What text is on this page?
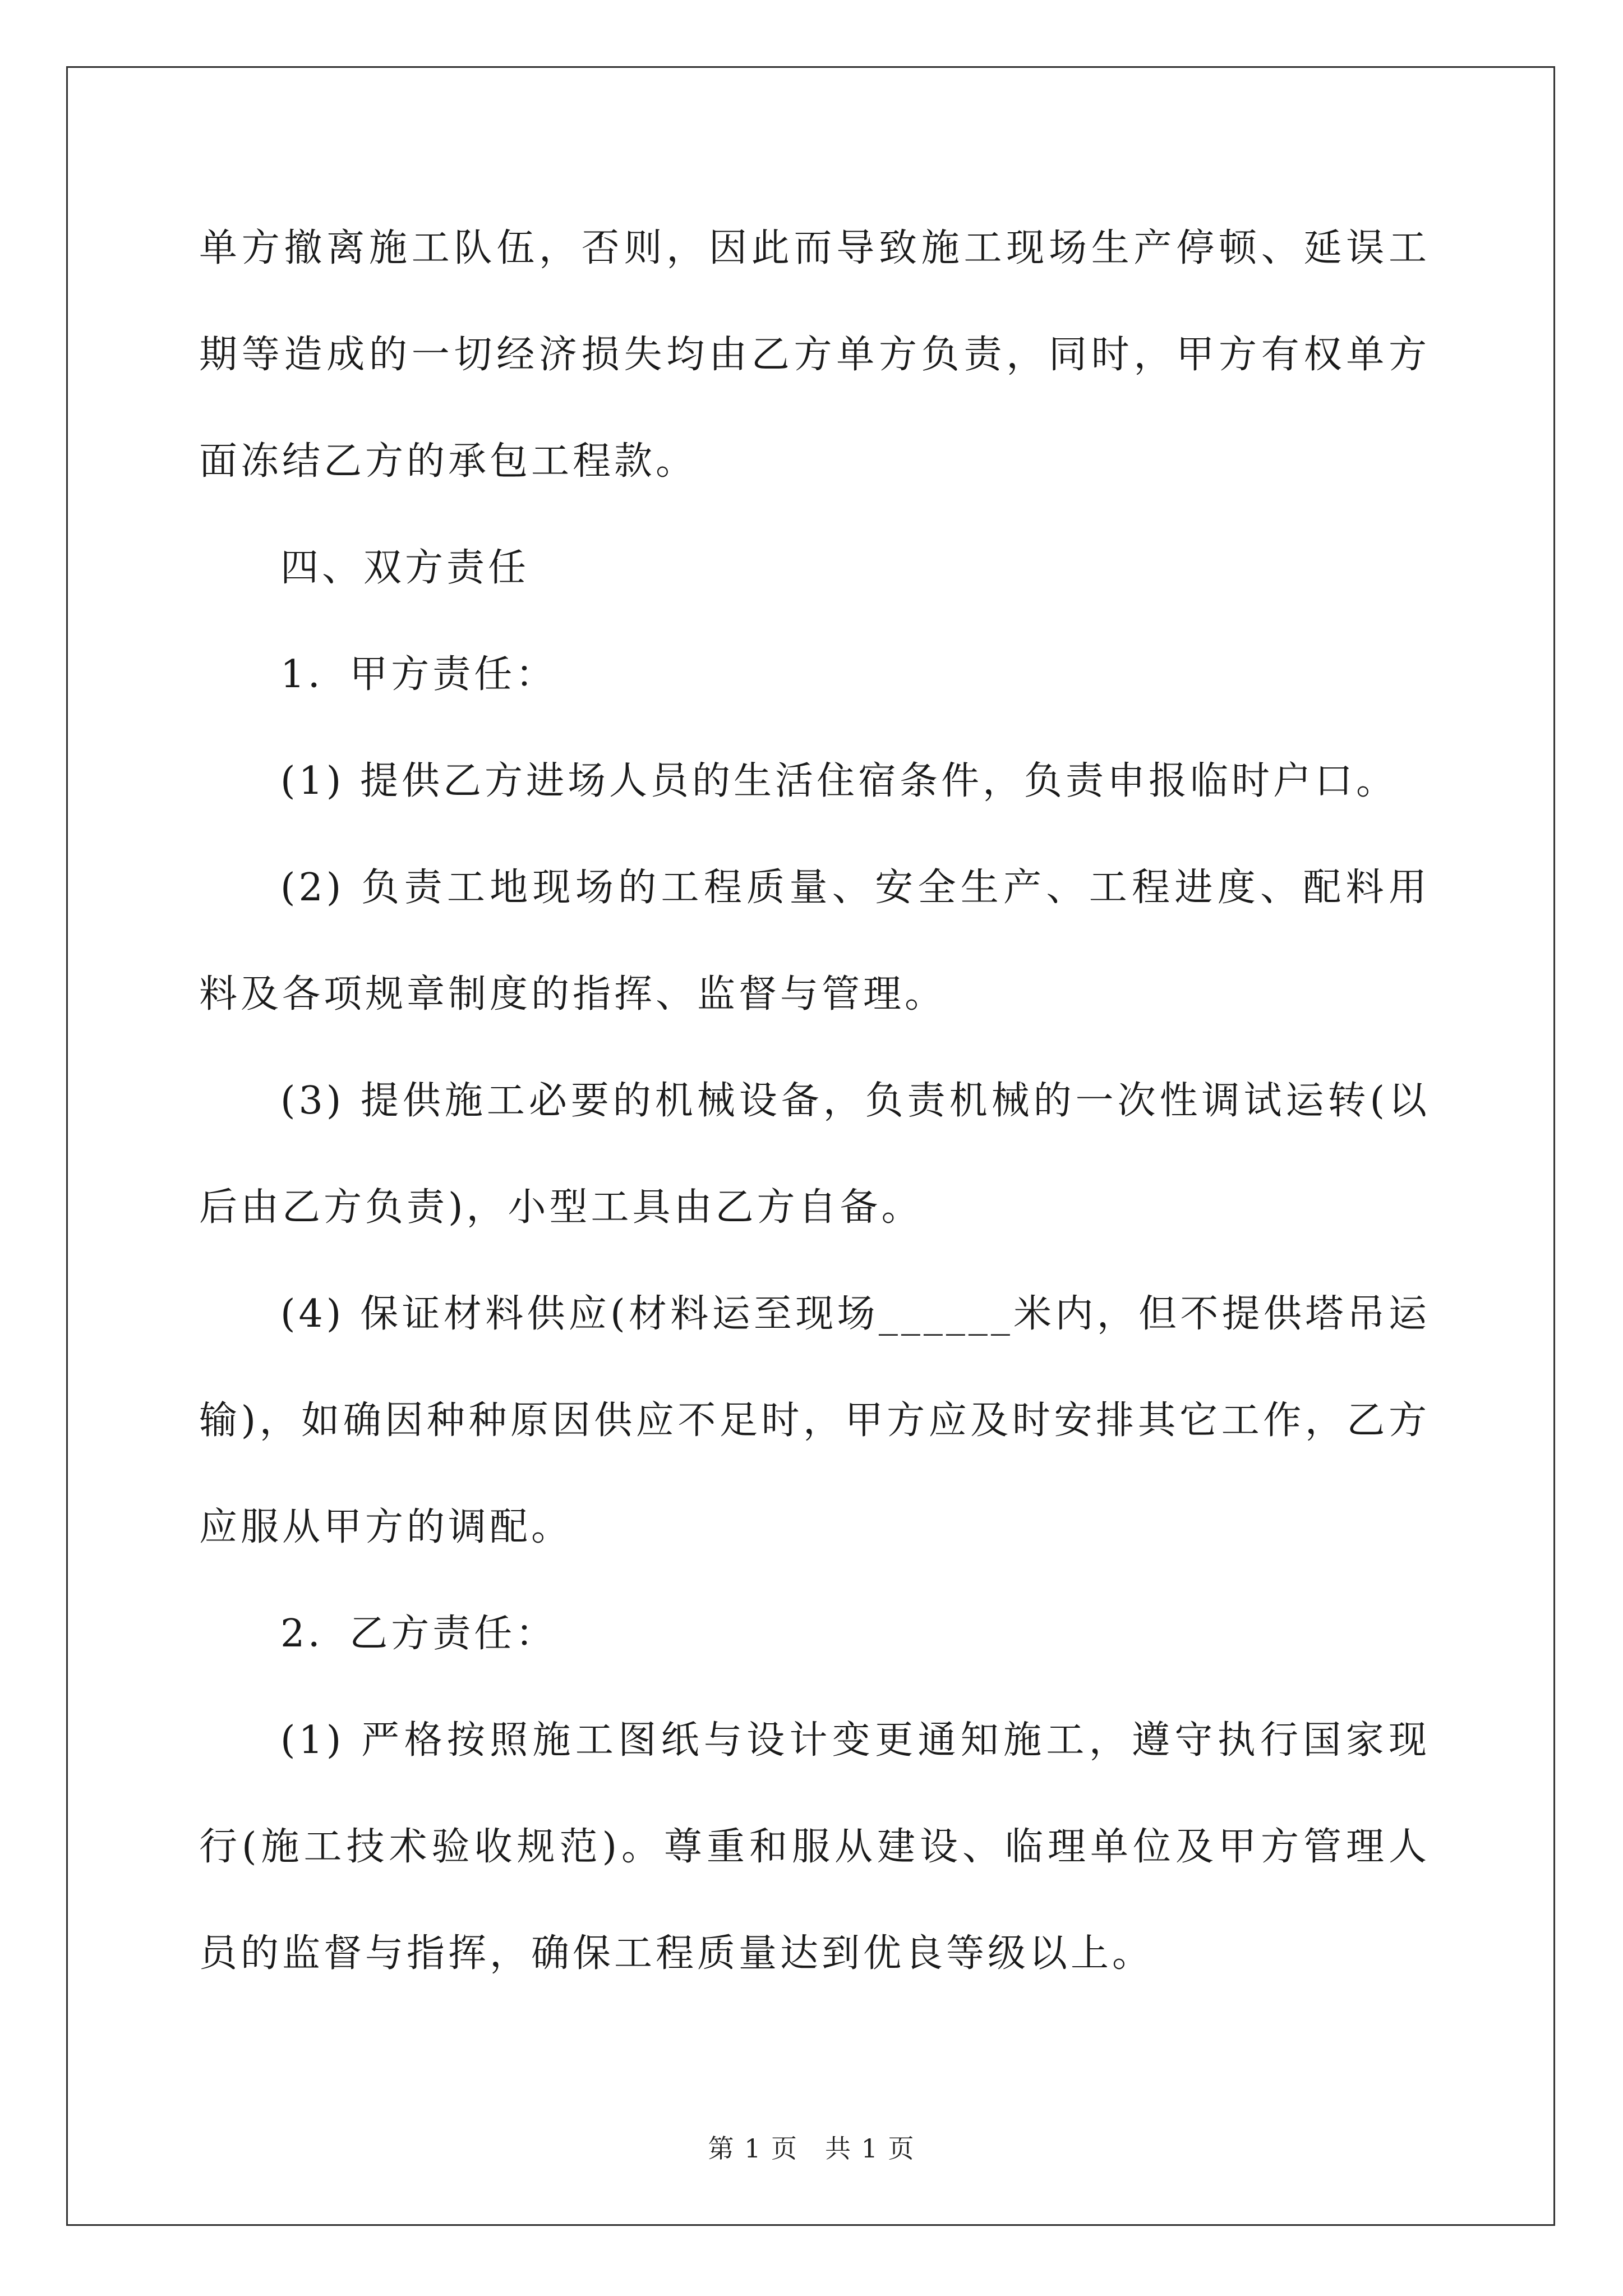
单方撤离施工队伍，否则，因此而导致施工现场生产停顿、延误工期等造成的一切经济损失均由乙方单方负责，同时，甲方有权单方面冻结乙方的承包工程款。

四、双方责任

1．甲方责任：

(1) 提供乙方进场人员的生活住宿条件，负责申报临时户口。

(2) 负责工地现场的工程质量、安全生产、工程进度、配料用料及各项规章制度的指挥、监督与管理。

(3) 提供施工必要的机械设备，负责机械的一次性调试运转(以后由乙方负责)，小型工具由乙方自备。

(4) 保证材料供应(材料运至现场______米内，但不提供塔吊运输)，如确因种种原因供应不足时，甲方应及时安排其它工作，乙方应服从甲方的调配。

2．乙方责任：

(1) 严格按照施工图纸与设计变更通知施工，遵守执行国家现行(施工技术验收规范)。尊重和服从建设、临理单位及甲方管理人员的监督与指挥，确保工程质量达到优良等级以上。

第 1 页　共 1 页
